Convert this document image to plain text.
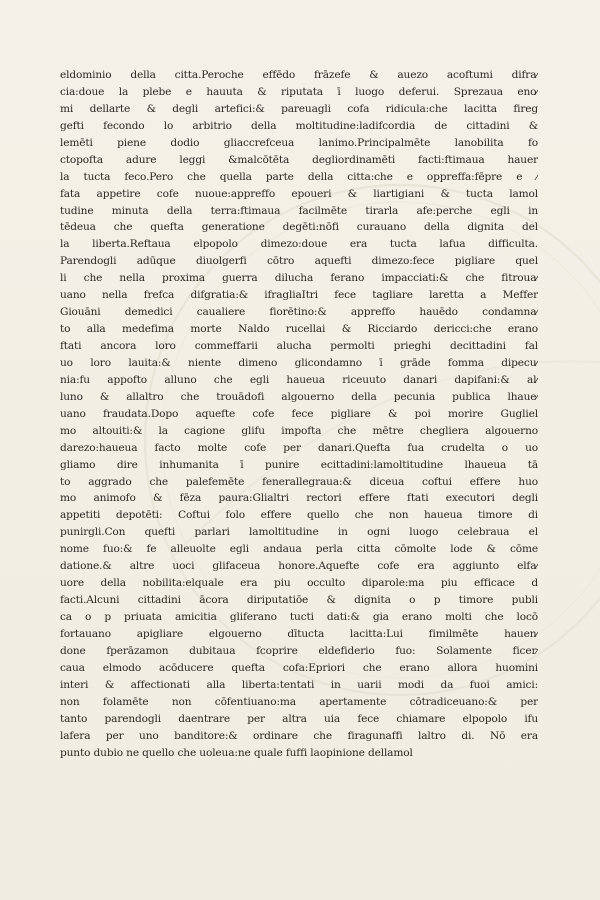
eldominio della citta.Peroche effēdo frāzefe & auezo acoftumi difra⁄
cia:doue la plebe e hauuta & riputata ī luogo deferui. Sprezaua eno⁄
mi dellarte & degli artefici:& pareuagli cofa ridicula:che lacitta fireg
gefti fecondo lo arbitrio della moltitudine:ladifcordia de cittadini &
lemēti piene dodio gliaccrefceua lanimo.Principalmēte lanobilita fo
ctopofta adure leggi &malcōtēta degliordinamēti facti:ftimaua hauer
la tucta feco.Pero che quella parte della citta:che e oppreffa:fēpre e ⁄
fata appetire cofe nuoue:appreffo epoueri & liartigiani & tucta lamol
tudine minuta della terra:ftimaua facilmēte tirarla afe:perche egli in
tēdeua che quefta generatione degēti:nōfi curauano della dignita del
la liberta.Reftaua elpopolo dimezo:doue era tucta lafua difficulta.
Parendogli adūque diuolgerfi cōtro aquefti dimezo:fece pigliare quel
li che nella proxima guerra dilucha ferano impacciati:& che fitroua⁄
uano nella frefca difgratia:& ifragliaItri fece tagliare laretta a Meffer
Giouāni demedici caualiere fiorētino:& appreffo hauēdo condamna⁄
to alla medefima morte Naldo rucellai & Ricciardo dericci:che erano
ftati ancora loro commeffarii alucha permolti prieghi decittadini fal
uo loro lauita:& niente dimeno glicondamno ī grāde fomma dipecu⁄
nia:fu appofto alluno che egli haueua riceuuto danari dapifani:& al⁄
luno & allaltro che trouādofi algouerno della pecunia publica lhaue⁄
uano fraudata.Dopo aquefte cofe fece pigliare & poi morire Gugliel
mo altouiti:& la cagione glifu impofta che mētre chegliera algouerno
darezo:haueua facto molte cofe per danari.Quefta fua crudelta o uo
gliamo dire inhumanita ī punire ecittadini:lamoltitudine lhaueua tā
to aggrado che palefemēte fenerallegraua:& diceua coftui effere huo
mo animofo & fēza paura:Glialtri rectori effere ftati executori degli
appetiti depotēti: Coftui folo effere quello che non haueua timore di
punirgli.Con quefti parlari lamoltitudine in ogni luogo celebraua el
nome fuo:& fe alleuolte egli andaua perla citta cōmolte lode & cōme
datione.& altre uoci glifaceua honore.Aquefte cofe era aggiunto elfa⁄
uore della nobilita:elquale era piu occulto diparole:ma piu efficace d
facti.Alcuni cittadini ācora diriputatiōe & dignita o p timore publi
ca o p priuata amicitia gliferano tucti dati:& gia erano molti che locō
fortauano apigliare elgouerno dītucta lacitta:Lui fimilmēte hauen⁄
done fperāzamon dubitaua fcoprire eldefiderio fuo: Solamente ficer⁄
caua elmodo acōducere quefta cofa:Epriori che erano allora huomini
interi & affectionati alla liberta:tentati in uarii modi da fuoi amici:
non folamēte non cōfentiuano:ma apertamente cōtradiceuano:& per
tanto parendogli daentrare per altra uia fece chiamare elpopolo ifu
lafera per uno banditore:& ordinare che firagunaffi laltro di. Nō era
punto dubio ne quello che uoleua:ne quale fuffi laopinione dellamol
